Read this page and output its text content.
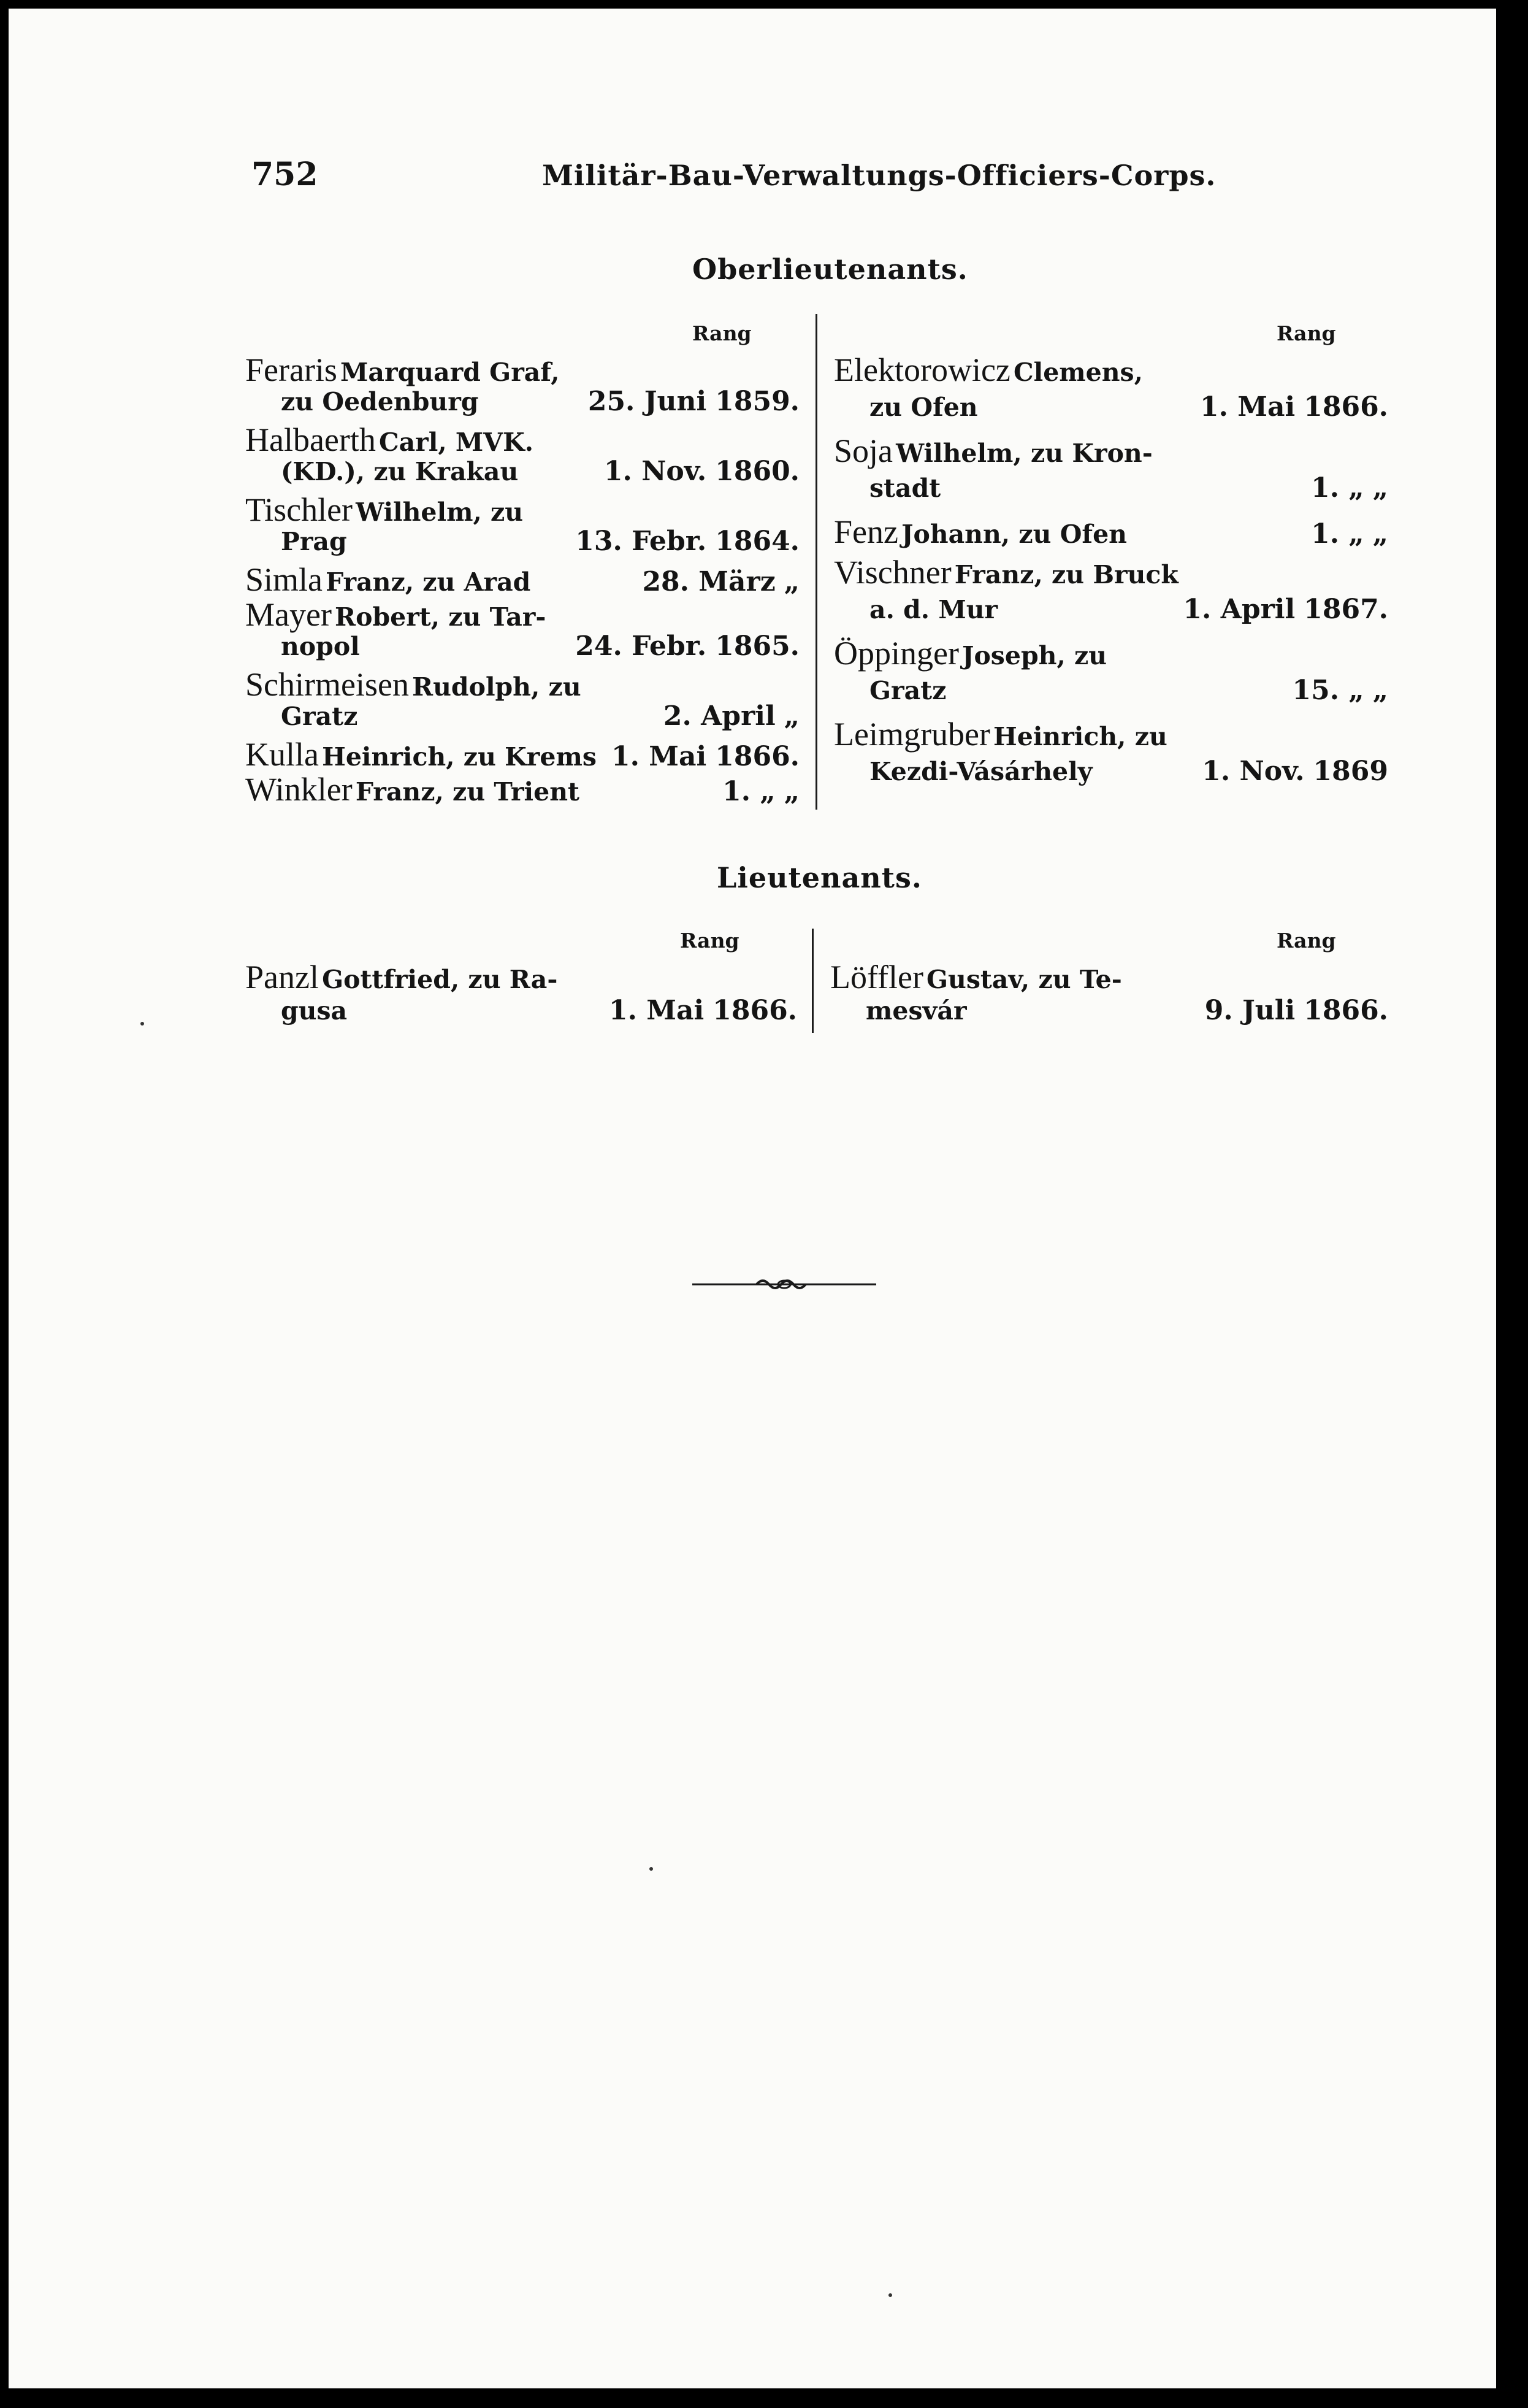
752	Militär-Bau-Verwaltungs-Officiers-Corps.
Oberlieutenants.
Rang	Rang
Feraris Marquard Graf,
zu Oedenburg	25. Juni 1859.
Halbaerth Carl, MVK.
(KD.), zu Krakau	1. Nov. 1860.
Tischler Wilhelm, zu
Prag	13. Febr. 1864.
Simla Franz, zu Arad	28. März „
Mayer Robert, zu Tar-
nopol	24. Febr. 1865.
Schirmeisen Rudolph, zu
Gratz	2. April „
Kulla Heinrich, zu Krems 1. Mai 1866.
Winkler Franz, zu Trient	1. „ „
Elektorowicz Clemens,
zu Ofen	1. Mai 1866.
Soja Wilhelm, zu Kron-
stadt	1. „ „
Fenz Johann, zu Ofen	1. „ „
Vischner Franz, zu Bruck
a. d. Mur	1. April 1867.
Öppinger Joseph, zu
Gratz	15. „ „
Leimgruber Heinrich, zu
Kezdi-Vásárhely	1. Nov. 1869
Lieutenants.
Rang	Rang
Panzl Gottfried, zu Ra-
gusa	1. Mai 1866.
Löffler Gustav, zu Te-
mesvár	9. Juli 1866.
